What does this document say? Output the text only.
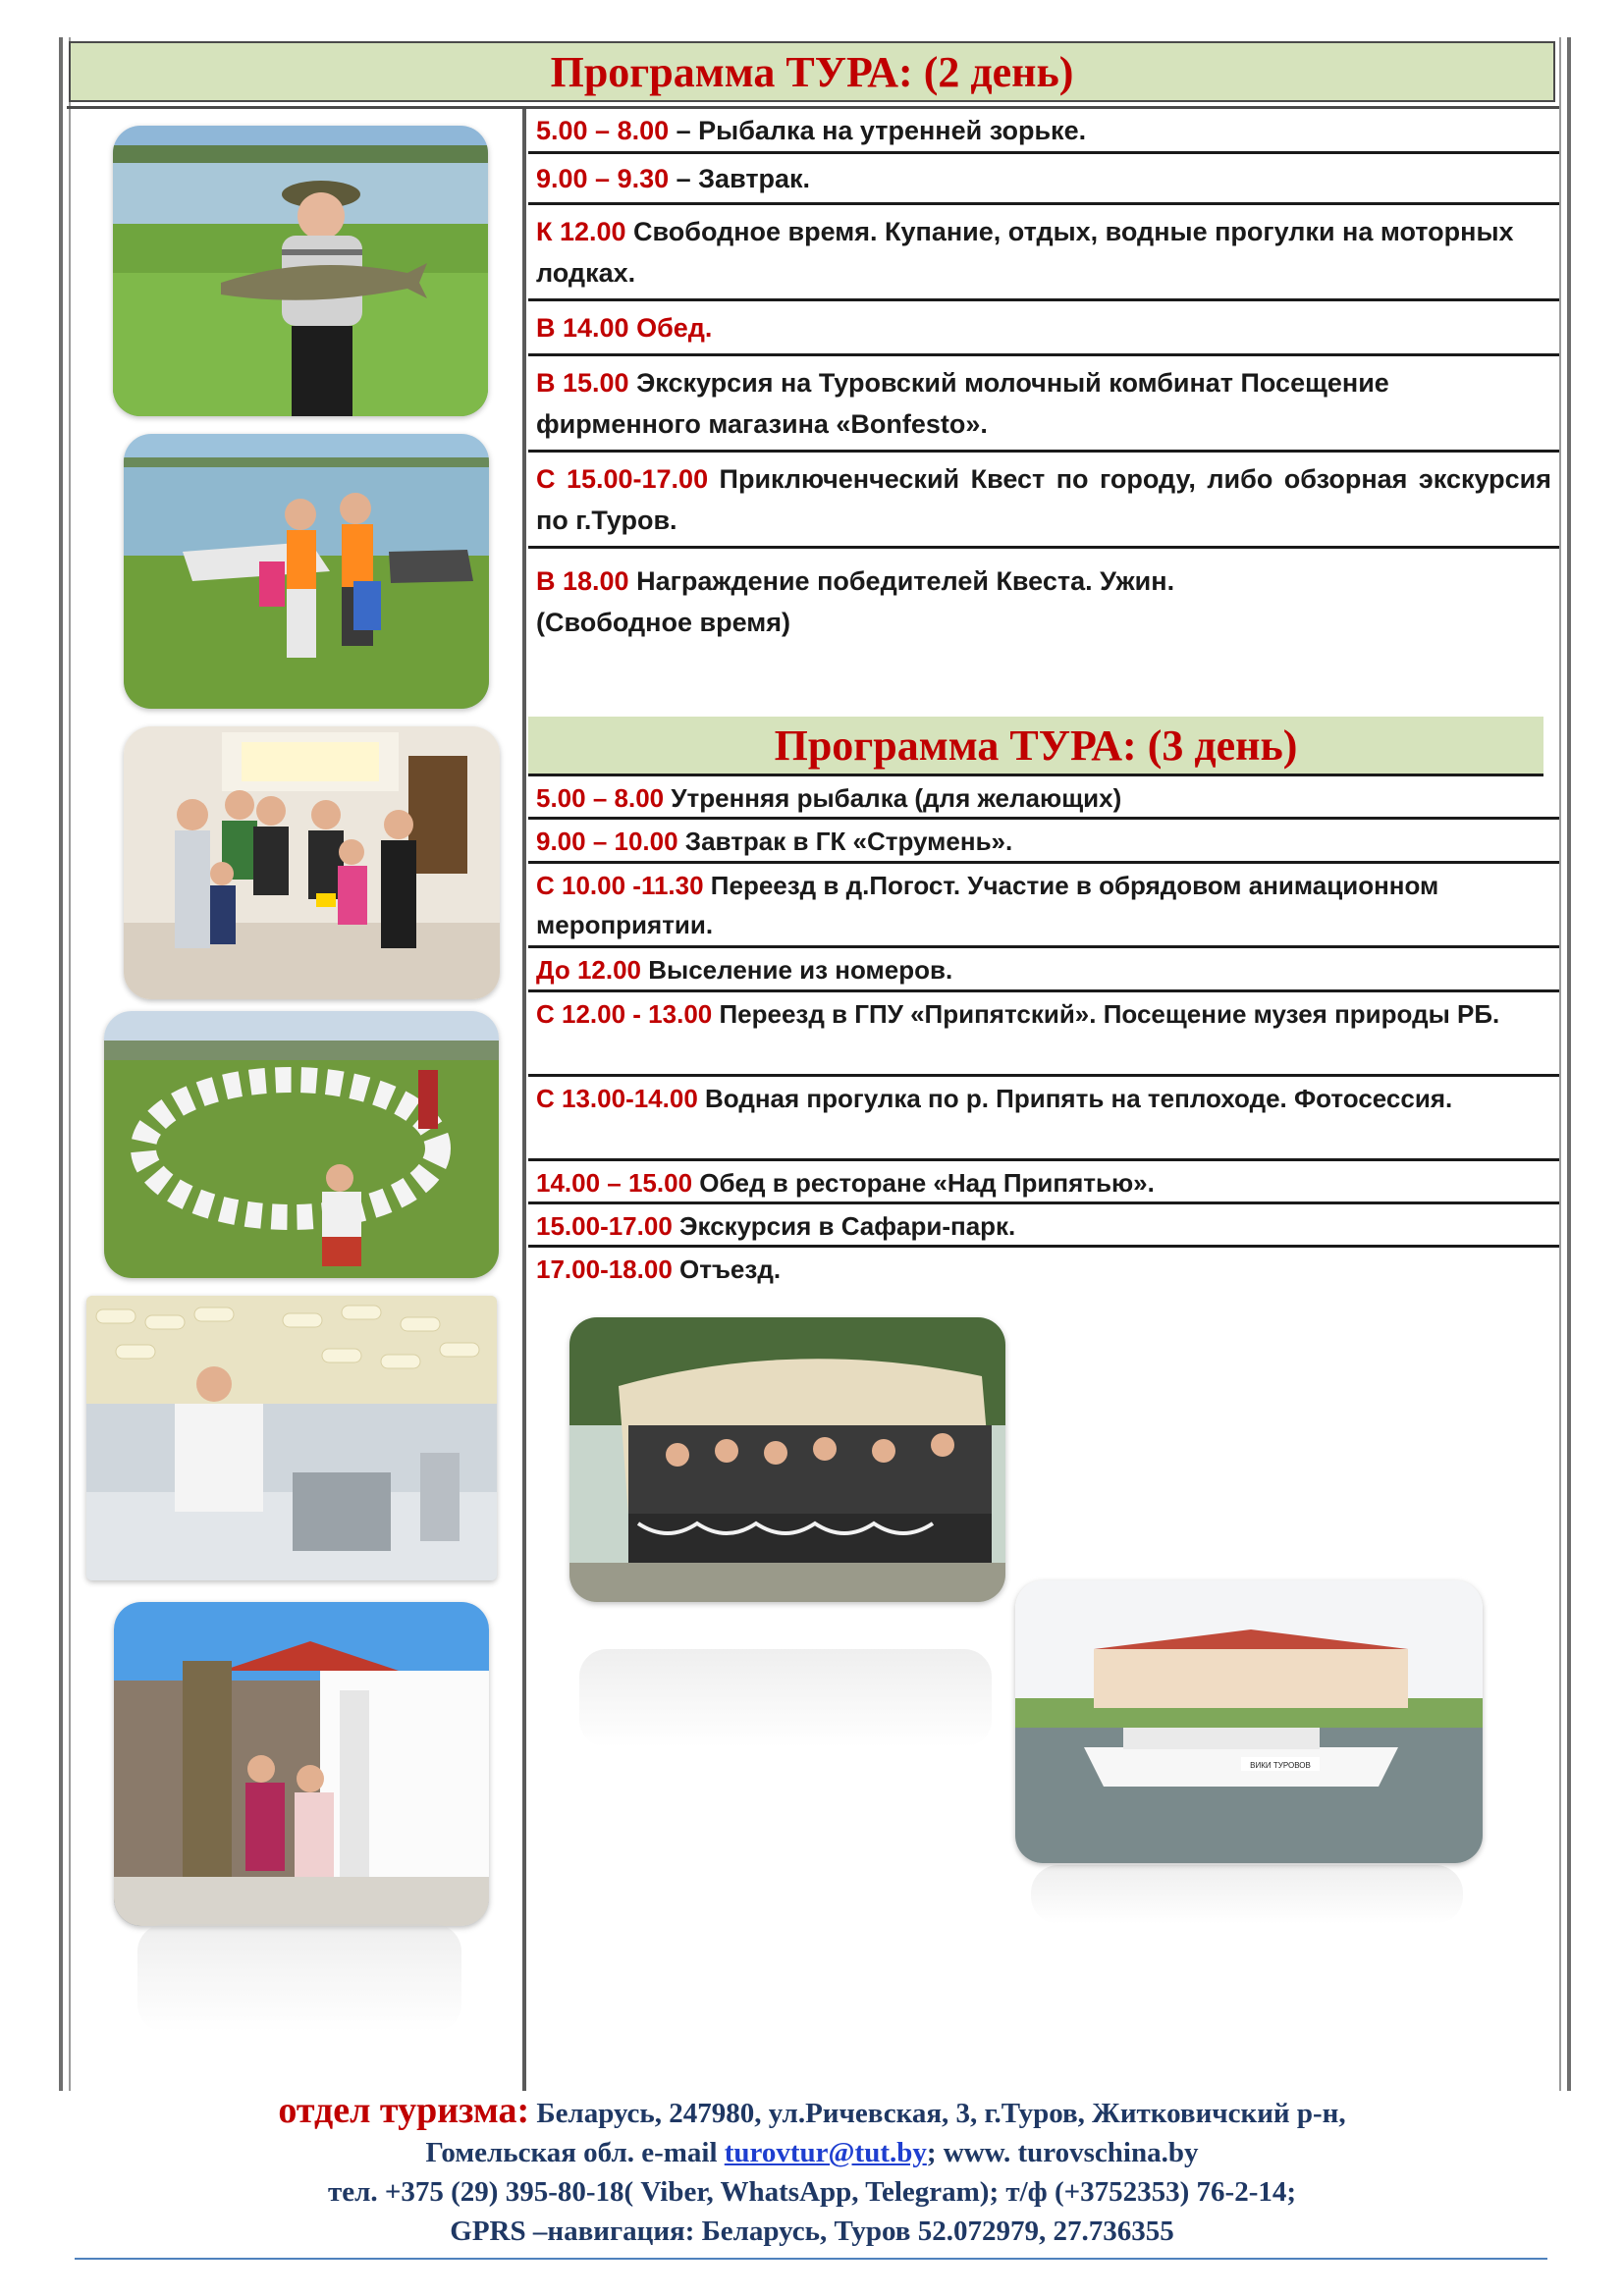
Программа ТУРА: (2 день)
5.00 – 8.00 – Рыбалка на утренней зорьке.
9.00 – 9.30 – Завтрак.
К 12.00 Свободное время. Купание, отдых, водные прогулки на моторных лодках.
В 14.00 Обед.
В 15.00 Экскурсия на Туровский молочный комбинат Посещение фирменного магазина «Bonfesto».
С 15.00-17.00 Приключенческий Квест по городу, либо обзорная экскурсия по г.Туров.
В 18.00 Награждение победителей Квеста. Ужин.
(Свободное время)
Программа ТУРА: (3 день)
5.00 – 8.00 Утренняя рыбалка (для желающих)
9.00 – 10.00 Завтрак в ГК «Струмень».
С 10.00 -11.30 Переезд в д.Погост. Участие в обрядовом анимационном мероприятии.
До 12.00 Выселение из номеров.
С 12.00 - 13.00 Переезд в ГПУ «Припятский». Посещение музея природы РБ.
С 13.00-14.00 Водная прогулка по р. Припять на теплоходе. Фотосессия.
14.00 – 15.00 Обед в ресторане «Над Припятью».
15.00-17.00 Экскурсия в Сафари-парк.
17.00-18.00 Отъезд.
ВИКИ ТУРОВОВ
отдел туризма: Беларусь, 247980, ул.Ричевская, 3, г.Туров, Житковичский р-н,
Гомельская обл. e-mail turovtur@tut.by; www. turovschina.by
тел. +375 (29) 395-80-18( Viber, WhatsApp, Telegram); т/ф (+3752353) 76-2-14;
GPRS –навигация: Беларусь, Туров 52.072979, 27.736355
